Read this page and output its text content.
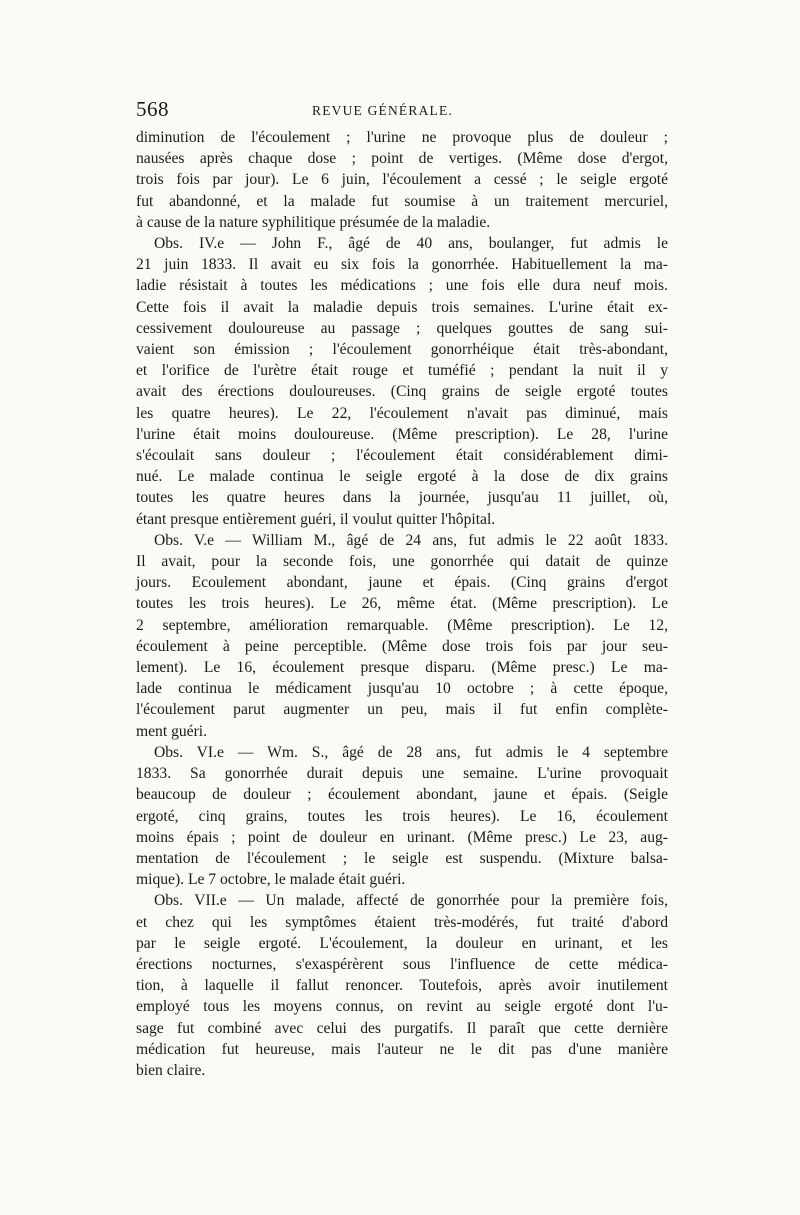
568	REVUE GÉNÉRALE.
diminution de l'écoulement ; l'urine ne provoque plus de douleur ;
nausées après chaque dose ; point de vertiges. (Même dose d'ergot,
trois fois par jour). Le 6 juin, l'écoulement a cessé ; le seigle ergoté
fut abandonné, et la malade fut soumise à un traitement mercuriel,
à cause de la nature syphilitique présumée de la maladie.
Obs. IV.e — John F., âgé de 40 ans, boulanger, fut admis le
21 juin 1833. Il avait eu six fois la gonorrhée. Habituellement la ma-
ladie résistait à toutes les médications ; une fois elle dura neuf mois.
Cette fois il avait la maladie depuis trois semaines. L'urine était ex-
cessivement douloureuse au passage ; quelques gouttes de sang sui-
vaient son émission ; l'écoulement gonorrhéique était très-abondant,
et l'orifice de l'urètre était rouge et tuméfié ; pendant la nuit il y
avait des érections douloureuses. (Cinq grains de seigle ergoté toutes
les quatre heures). Le 22, l'écoulement n'avait pas diminué, mais
l'urine était moins douloureuse. (Même prescription). Le 28, l'urine
s'écoulait sans douleur ; l'écoulement était considérablement dimi-
nué. Le malade continua le seigle ergoté à la dose de dix grains
toutes les quatre heures dans la journée, jusqu'au 11 juillet, où,
étant presque entièrement guéri, il voulut quitter l'hôpital.
Obs. V.e — William M., âgé de 24 ans, fut admis le 22 août 1833.
Il avait, pour la seconde fois, une gonorrhée qui datait de quinze
jours. Ecoulement abondant, jaune et épais. (Cinq grains d'ergot
toutes les trois heures). Le 26, même état. (Même prescription). Le
2 septembre, amélioration remarquable. (Même prescription). Le 12,
écoulement à peine perceptible. (Même dose trois fois par jour seu-
lement). Le 16, écoulement presque disparu. (Même presc.) Le ma-
lade continua le médicament jusqu'au 10 octobre ; à cette époque,
l'écoulement parut augmenter un peu, mais il fut enfin complète-
ment guéri.
Obs. VI.e — Wm. S., âgé de 28 ans, fut admis le 4 septembre
1833. Sa gonorrhée durait depuis une semaine. L'urine provoquait
beaucoup de douleur ; écoulement abondant, jaune et épais. (Seigle
ergoté, cinq grains, toutes les trois heures). Le 16, écoulement
moins épais ; point de douleur en urinant. (Même presc.) Le 23, aug-
mentation de l'écoulement ; le seigle est suspendu. (Mixture balsa-
mique). Le 7 octobre, le malade était guéri.
Obs. VII.e — Un malade, affecté de gonorrhée pour la première fois,
et chez qui les symptômes étaient très-modérés, fut traité d'abord
par le seigle ergoté. L'écoulement, la douleur en urinant, et les
érections nocturnes, s'exaspérèrent sous l'influence de cette médica-
tion, à laquelle il fallut renoncer. Toutefois, après avoir inutilement
employé tous les moyens connus, on revint au seigle ergoté dont l'u-
sage fut combiné avec celui des purgatifs. Il paraît que cette dernière
médication fut heureuse, mais l'auteur ne le dit pas d'une manière
bien claire.
